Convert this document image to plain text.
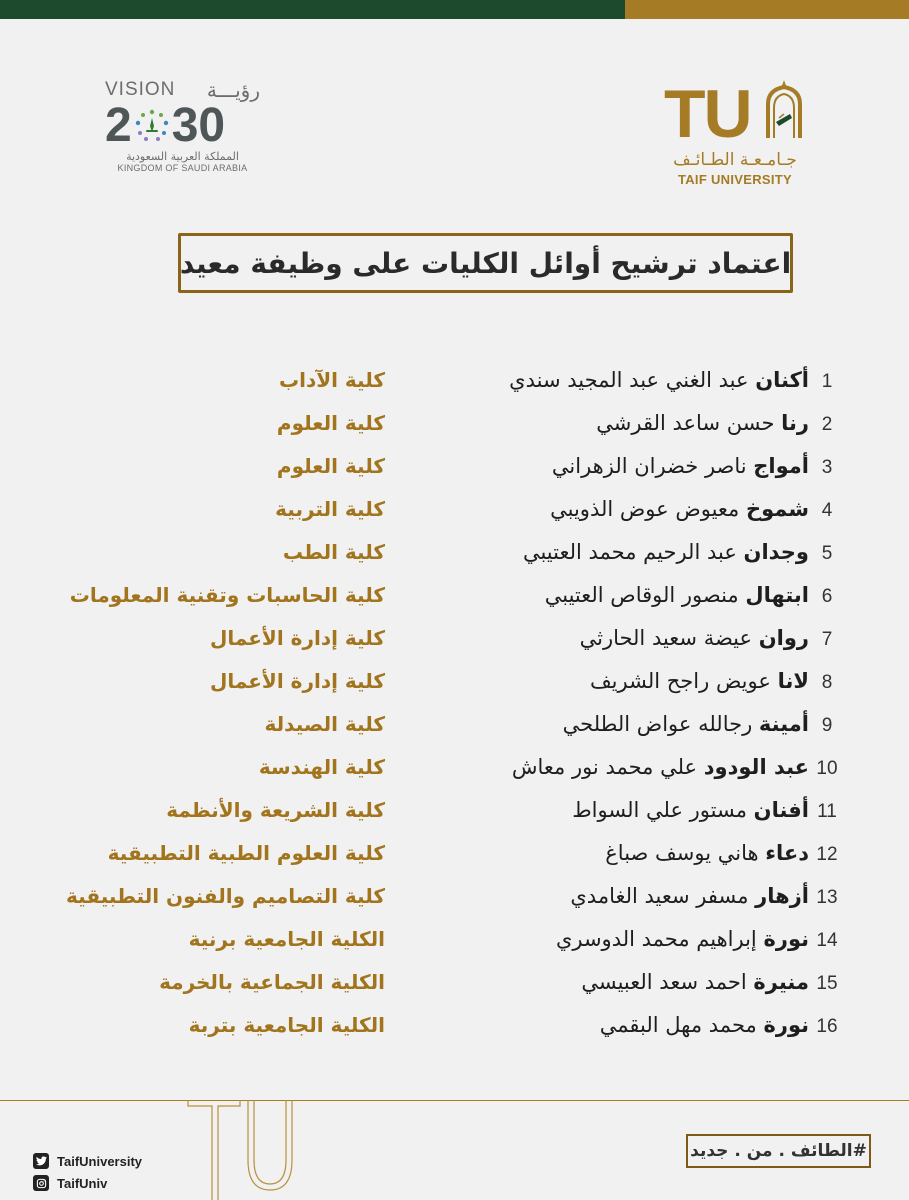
VISION رؤيـــة
2 30
المملكة العربية السعودية
KINGDOM OF SAUDI ARABIA
TU
جـامـعـة الطـائـف
TAIF UNIVERSITY
اعتماد ترشيح أوائل الكليات على وظيفة معيد
1
أكنان عبد الغني عبد المجيد سندي
كلية الآداب
2
رنا حسن ساعد القرشي
كلية العلوم
3
أمواج ناصر خضران الزهراني
كلية العلوم
4
شموخ معيوض عوض الذويبي
كلية التربية
5
وجدان عبد الرحيم محمد العتيبي
كلية الطب
6
ابتهال منصور الوقاص العتيبي
كلية الحاسبات وتقنية المعلومات
7
روان عيضة سعيد الحارثي
كلية إدارة الأعمال
8
لانا عويض راجح الشريف
كلية إدارة الأعمال
9
أمينة رجالله عواض الطلحي
كلية الصيدلة
10
عبد الودود علي محمد نور معاش
كلية الهندسة
11
أفنان مستور علي السواط
كلية الشريعة والأنظمة
12
دعاء هاني يوسف صباغ
كلية العلوم الطبية التطبيقية
13
أزهار مسفر سعيد الغامدي
كلية التصاميم والفنون التطبيقية
14
نورة إبراهيم محمد الدوسري
الكلية الجامعية برنية
15
منيرة احمد سعد العبيسي
الكلية الجماعية بالخرمة
16
نورة محمد مهل البقمي
الكلية الجامعية بتربة
#الطائف . من . جديد
TaifUniversity
TaifUniv
